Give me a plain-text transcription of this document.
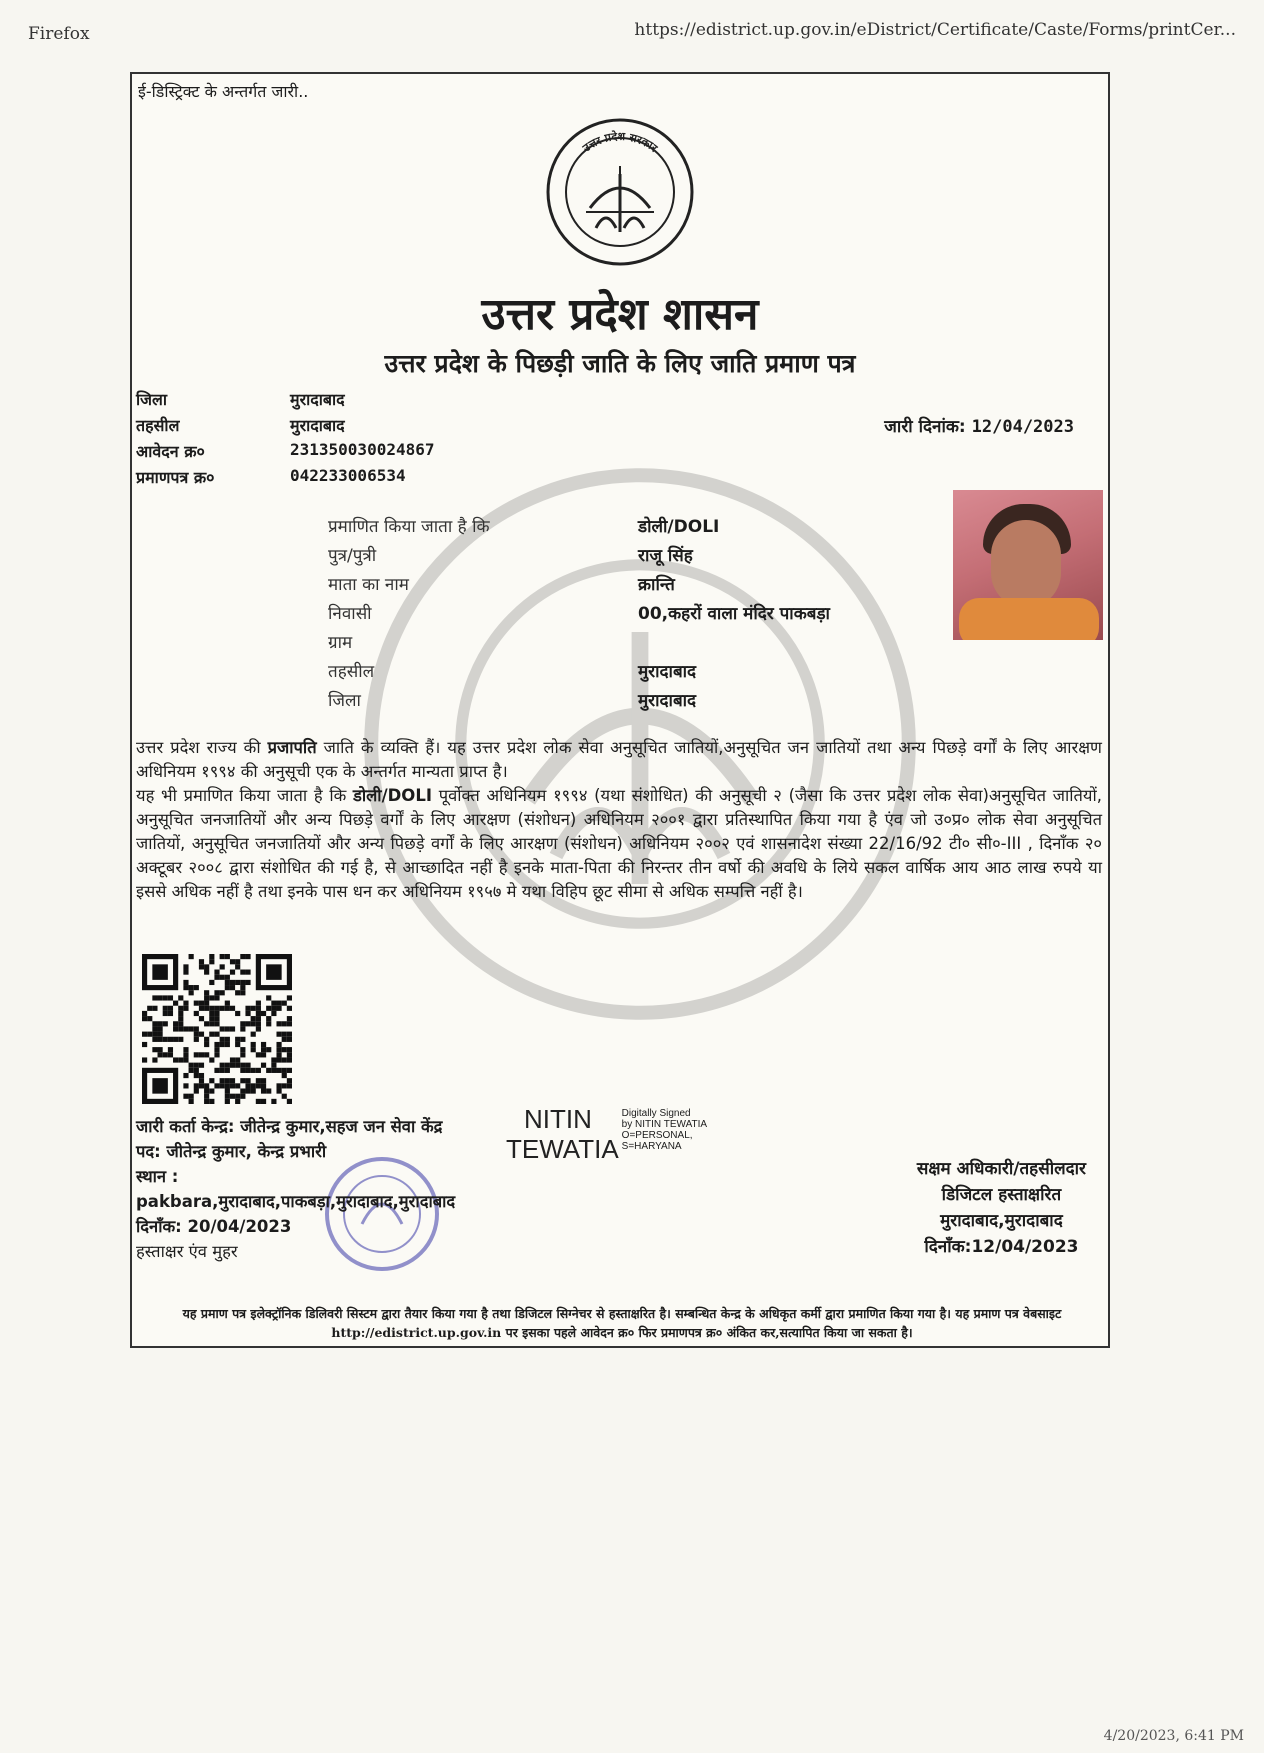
Firefox	https://edistrict.up.gov.in/eDistrict/Certificate/Caste/Forms/printCer...
ई-डिस्ट्रिक्ट के अन्तर्गत जारी..
उत्तर प्रदेश सरकार
उत्तर प्रदेश शासन
उत्तर प्रदेश के पिछड़ी जाति के लिए जाति प्रमाण पत्र
जिला	मुरादाबाद
तहसील	मुरादाबाद
आवेदन क्र०	231350030024867
प्रमाणपत्र क्र०	042233006534
जारी दिनांक: 12/04/2023
प्रमाणित किया जाता है कि	डोली/DOLI
पुत्र/पुत्री	राजू सिंह
माता का नाम	क्रान्ति
निवासी	00,कहरों वाला मंदिर पाकबड़ा
ग्राम
तहसील	मुरादाबाद
जिला	मुरादाबाद
उत्तर प्रदेश राज्य की प्रजापति जाति के व्यक्ति हैं। यह उत्तर प्रदेश लोक सेवा अनुसूचित जातियों,अनुसूचित जन जातियों तथा अन्य पिछड़े वर्गों के लिए आरक्षण अधिनियम १९९४ की अनुसूची एक के अन्तर्गत मान्यता प्राप्त है।
यह भी प्रमाणित किया जाता है कि डोली/DOLI पूर्वोक्त अधिनियम १९९४ (यथा संशोधित) की अनुसूची २ (जैसा कि उत्तर प्रदेश लोक सेवा)अनुसूचित जातियों, अनुसूचित जनजातियों और अन्य पिछड़े वर्गों के लिए आरक्षण (संशोधन) अधिनियम २००१ द्वारा प्रतिस्थापित किया गया है एंव जो उ०प्र० लोक सेवा अनुसूचित जातियों, अनुसूचित जनजातियों और अन्य पिछड़े वर्गों के लिए आरक्षण (संशोधन) अधिनियम २००२ एवं शासनादेश संख्या 22/16/92 टी० सी०-III , दिनाँक २० अक्टूबर २००८ द्वारा संशोधित की गई है, से आच्छादित नहीं है इनके माता-पिता की निरन्तर तीन वर्षो की अवधि के लिये सकल वार्षिक आय आठ लाख रुपये या इससे अधिक नहीं है तथा इनके पास धन कर अधिनियम १९५७ मे यथा विहिप छूट सीमा से अधिक सम्पत्ति नहीं है।
जारी कर्ता केन्द्र: जीतेन्द्र कुमार,सहज जन सेवा केंद्र
पद: जीतेन्द्र कुमार, केन्द्र प्रभारी
स्थान :
pakbara,मुरादाबाद,पाकबड़ा,मुरादाबाद,मुरादाबाद
दिनाँक: 20/04/2023
हस्ताक्षर एंव मुहर
NITIN
TEWATIA
Digitally Signed
by NITIN TEWATIA
O=PERSONAL,
S=HARYANA
सक्षम अधिकारी/तहसीलदार
डिजिटल हस्ताक्षरित
मुरादाबाद,मुरादाबाद
दिनाँक:12/04/2023
यह प्रमाण पत्र इलेक्ट्रॉनिक डिलिवरी सिस्टम द्वारा तैयार किया गया है तथा डिजिटल सिग्नेचर से हस्ताक्षरित है। सम्बन्धित केन्द्र के अधिकृत कर्मी द्वारा प्रमाणित किया गया है। यह प्रमाण पत्र वेबसाइट http://edistrict.up.gov.in पर इसका पहले आवेदन क्र० फिर प्रमाणपत्र क्र० अंकित कर,सत्यापित किया जा सकता है।
4/20/2023, 6:41 PM
